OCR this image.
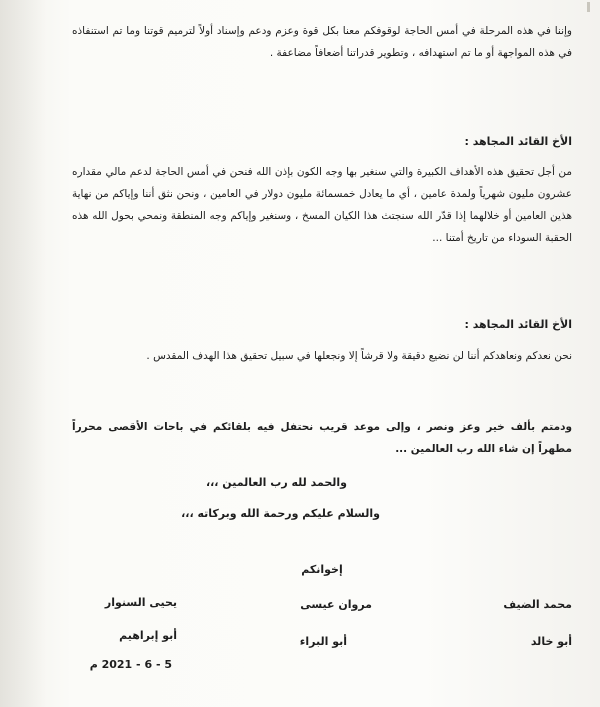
وإننا في هذه المرحلة في أمس الحاجة لوقوفكم معنا بكل قوة وعزم ودعم وإسناد أولاً لترميم قوتنا وما تم استنفاذه في هذه المواجهة أو ما تم استهدافه ، وتطوير قدراتنا أضعافاً مضاعفة .

الأخ القائد المجاهد :

من أجل تحقيق هذه الأهداف الكبيرة والتي سنغير بها وجه الكون بإذن الله فنحن في أمس الحاجة لدعم مالي مقداره عشرون مليون شهرياً ولمدة عامين ، أي ما يعادل خمسمائة مليون دولار في العامين ، ونحن نثق أننا وإياكم من نهاية هذين العامين أو خلالهما إذا قدّر الله سنجتث هذا الكيان المسخ ، وسنغير وإياكم وجه المنطقة ونمحي بحول الله هذه الحقبة السوداء من تاريخ أمتنا ...

الأخ القائد المجاهد :

نحن نعدكم ونعاهدكم أننا لن نضيع دقيقة ولا قرشاً إلا ونجعلها في سبيل تحقيق هذا الهدف المقدس .

ودمتم بألف خير وعز ونصر ، وإلى موعد قريب نحتفل فيه بلقائكم في باحات الأقصى محرراً مطهراً إن شاء الله رب العالمين ...

والحمد لله رب العالمين ،،،
والسلام عليكم ورحمة الله وبركاته ،،،
إخوانكم
محمد الضيف
مروان عيسى
يحيى السنوار
أبو خالد
أبو البراء
أبو إبراهيم
5 - 6 - 2021 م
